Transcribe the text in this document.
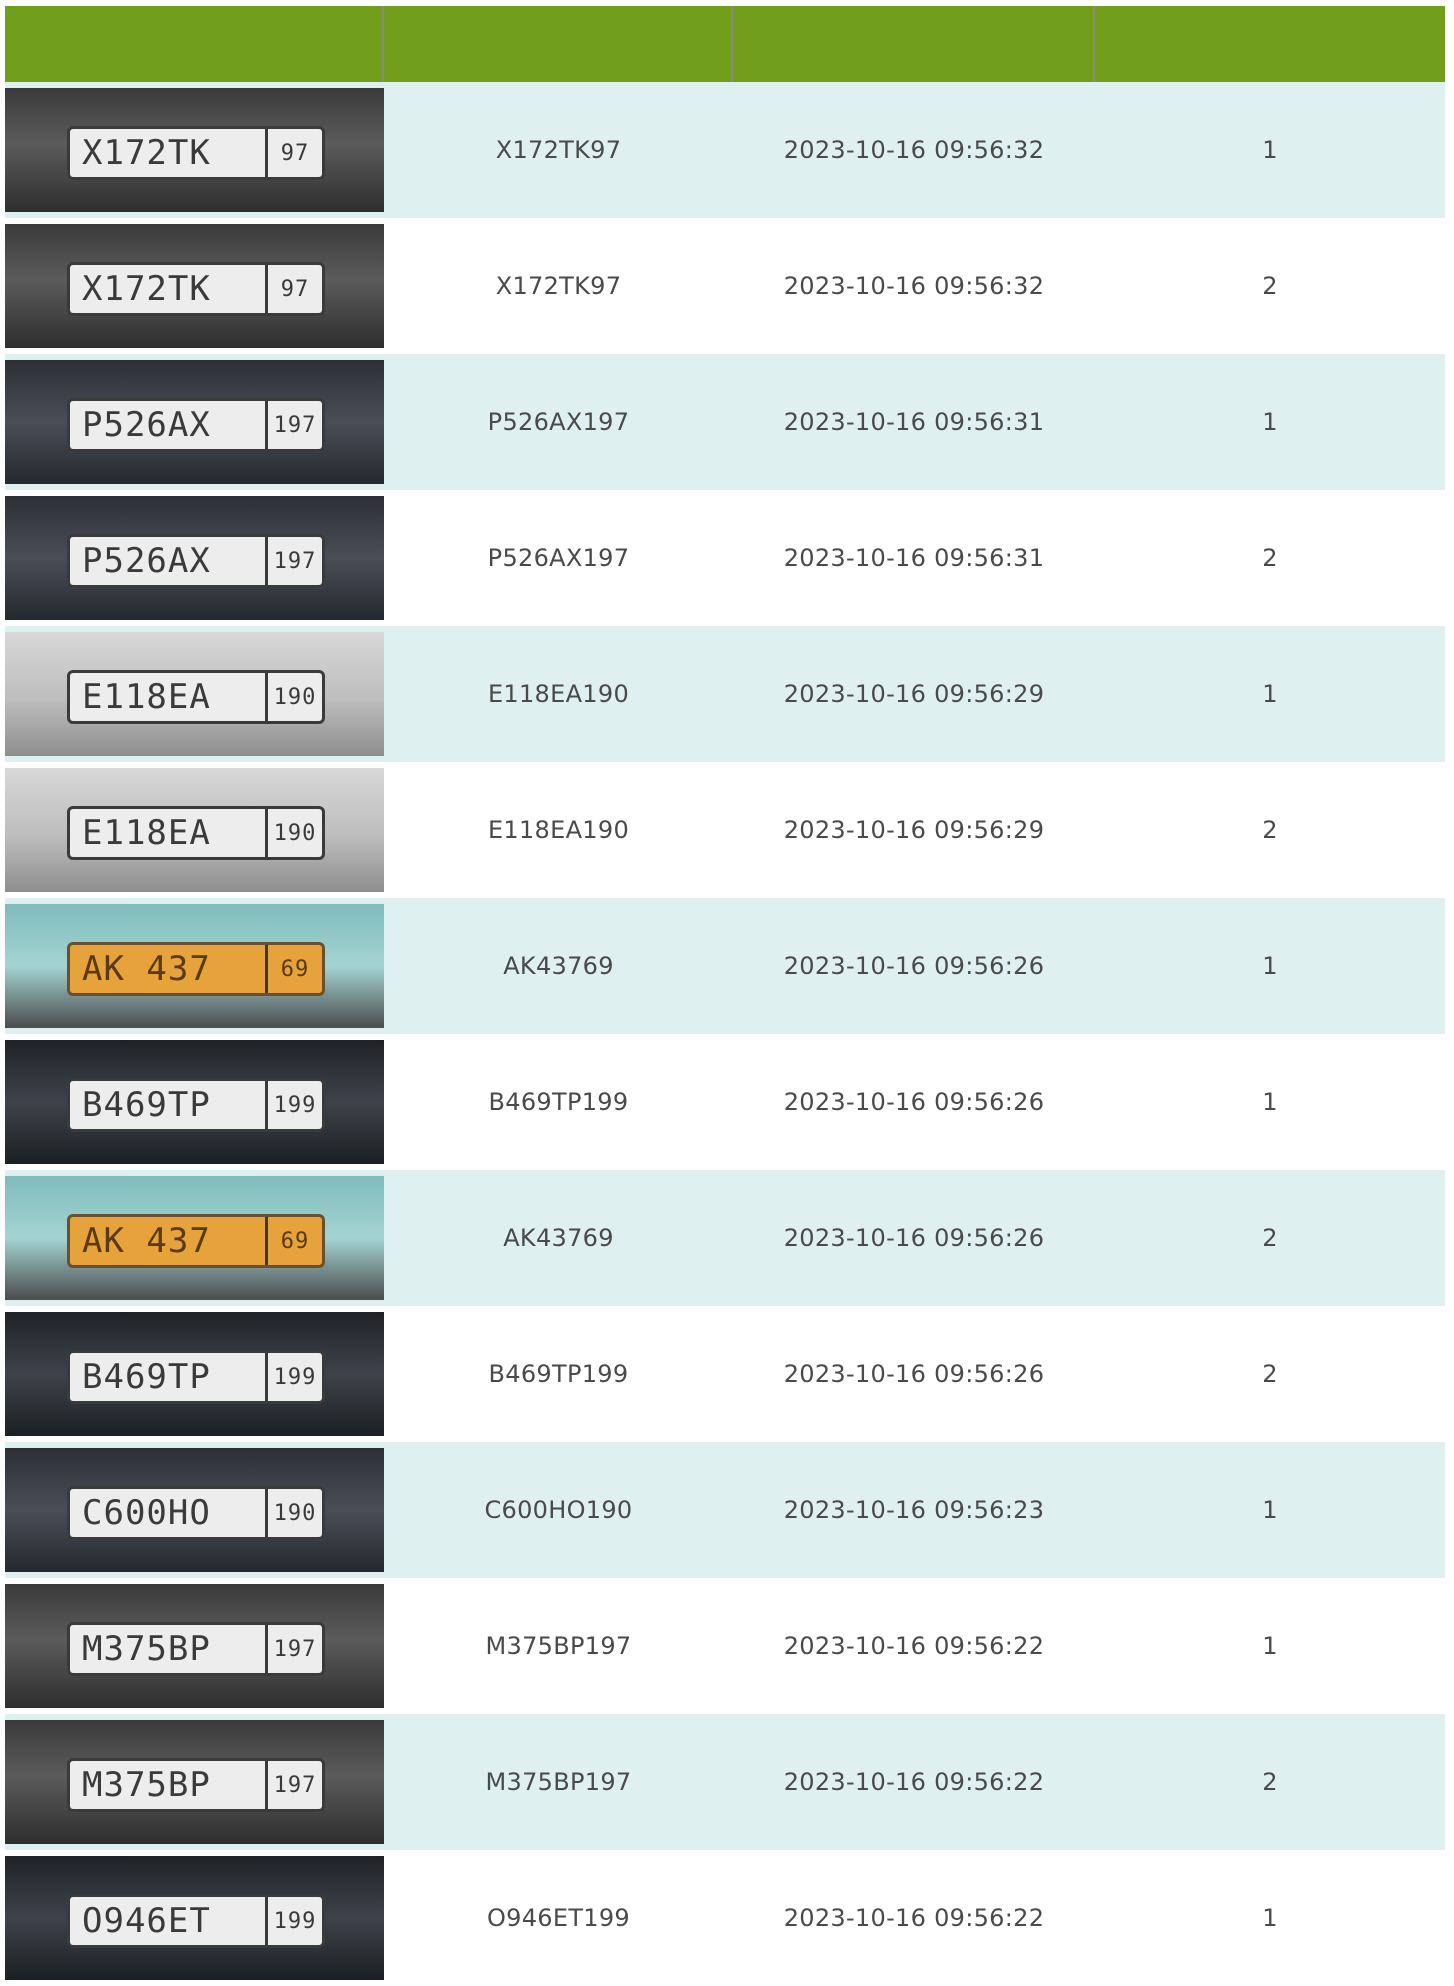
X172TK	97	X172TK97	2023-10-16 09:56:32	1
X172TK	97	X172TK97	2023-10-16 09:56:32	2
P526AX	197	P526AX197	2023-10-16 09:56:31	1
P526AX	197	P526AX197	2023-10-16 09:56:31	2
E118EA	190	E118EA190	2023-10-16 09:56:29	1
E118EA	190	E118EA190	2023-10-16 09:56:29	2
AK 437	69	AK43769	2023-10-16 09:56:26	1
B469TP	199	B469TP199	2023-10-16 09:56:26	1
AK 437	69	AK43769	2023-10-16 09:56:26	2
B469TP	199	B469TP199	2023-10-16 09:56:26	2
C600HO	190	C600HO190	2023-10-16 09:56:23	1
M375BP	197	M375BP197	2023-10-16 09:56:22	1
M375BP	197	M375BP197	2023-10-16 09:56:22	2
O946ET	199	O946ET199	2023-10-16 09:56:22	1
